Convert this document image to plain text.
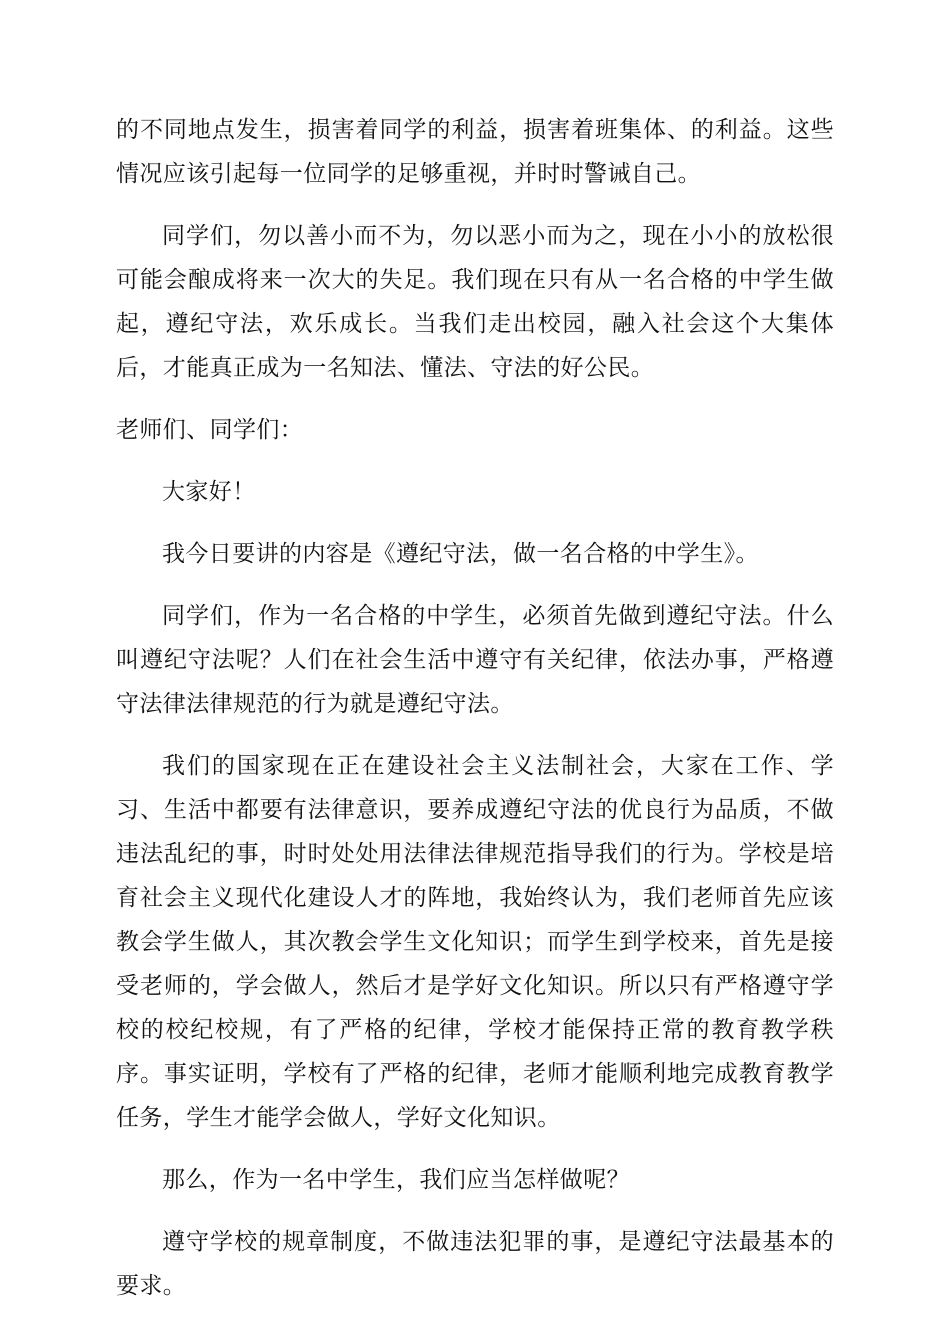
的不同地点发生，损害着同学的利益，损害着班集体、的利益。这些情况应该引起每一位同学的足够重视，并时时警诫自己。

同学们，勿以善小而不为，勿以恶小而为之，现在小小的放松很可能会酿成将来一次大的失足。我们现在只有从一名合格的中学生做起，遵纪守法，欢乐成长。当我们走出校园，融入社会这个大集体后，才能真正成为一名知法、懂法、守法的好公民。

老师们、同学们：

大家好！

我今日要讲的内容是《遵纪守法，做一名合格的中学生》。

同学们，作为一名合格的中学生，必须首先做到遵纪守法。什么叫遵纪守法呢？人们在社会生活中遵守有关纪律，依法办事，严格遵守法律法律规范的行为就是遵纪守法。

我们的国家现在正在建设社会主义法制社会，大家在工作、学习、生活中都要有法律意识，要养成遵纪守法的优良行为品质，不做违法乱纪的事，时时处处用法律法律规范指导我们的行为。学校是培育社会主义现代化建设人才的阵地，我始终认为，我们老师首先应该教会学生做人，其次教会学生文化知识；而学生到学校来，首先是接受老师的，学会做人，然后才是学好文化知识。所以只有严格遵守学校的校纪校规，有了严格的纪律，学校才能保持正常的教育教学秩序。事实证明，学校有了严格的纪律，老师才能顺利地完成教育教学任务，学生才能学会做人，学好文化知识。

那么，作为一名中学生，我们应当怎样做呢？

遵守学校的规章制度，不做违法犯罪的事，是遵纪守法最基本的要求。
